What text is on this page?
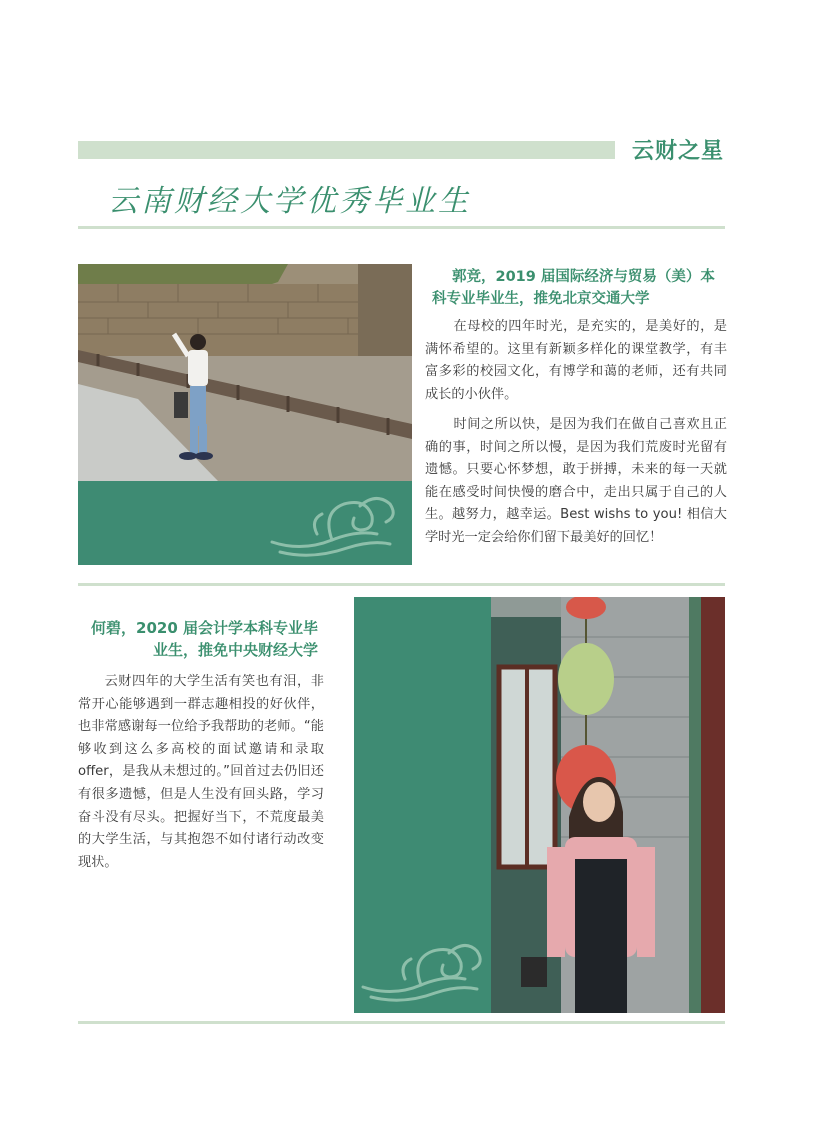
云财之星
云南财经大学优秀毕业生
郭竞，2019 届国际经济与贸易（美）本科专业毕业生，推免北京交通大学

在母校的四年时光，是充实的，是美好的，是满怀希望的。这里有新颖多样化的课堂教学，有丰富多彩的校园文化，有博学和蔼的老师，还有共同成长的小伙伴。

时间之所以快，是因为我们在做自己喜欢且正确的事，时间之所以慢，是因为我们荒废时光留有遗憾。只要心怀梦想，敢于拼搏，未来的每一天就能在感受时间快慢的磨合中，走出只属于自己的人生。越努力，越幸运。Best wishs to you! 相信大学时光一定会给你们留下最美好的回忆！

何碧，2020 届会计学本科专业毕业生，推免中央财经大学

云财四年的大学生活有笑也有泪，非常开心能够遇到一群志趣相投的好伙伴，也非常感谢每一位给予我帮助的老师。“能够收到这么多高校的面试邀请和录取 offer，是我从未想过的。”回首过去仍旧还有很多遗憾，但是人生没有回头路，学习奋斗没有尽头。把握好当下，不荒度最美的大学生活，与其抱怨不如付诸行动改变现状。
